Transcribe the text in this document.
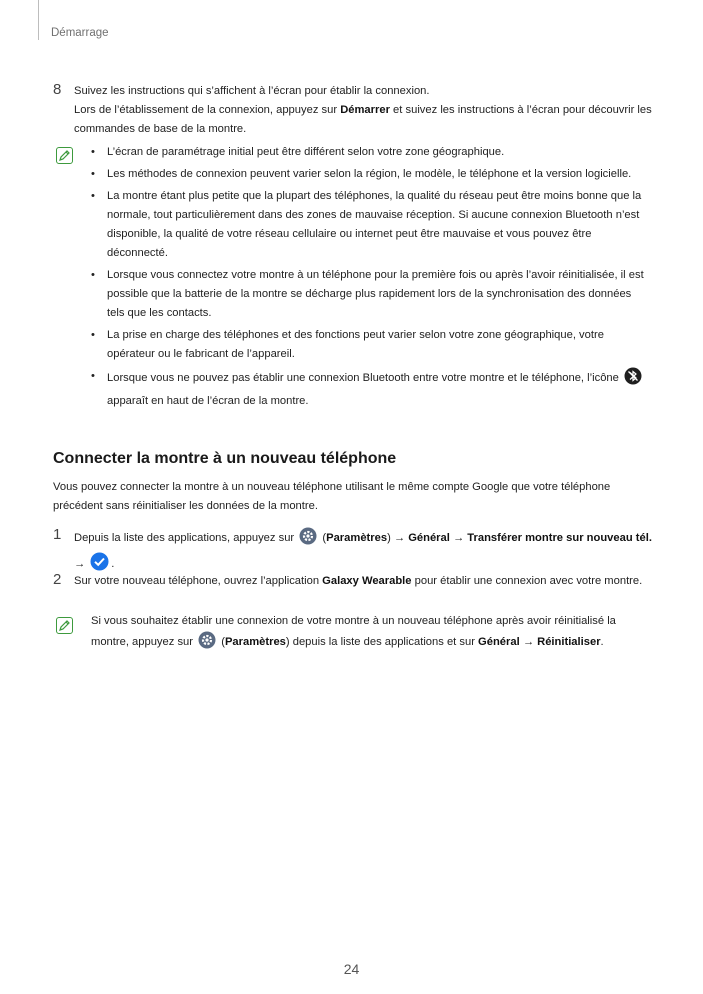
Démarrage
8 Suivez les instructions qui s’affichent à l’écran pour établir la connexion.
Lors de l’établissement de la connexion, appuyez sur Démarrer et suivez les instructions à l’écran pour découvrir les commandes de base de la montre.
• L’écran de paramétrage initial peut être différent selon votre zone géographique.
• Les méthodes de connexion peuvent varier selon la région, le modèle, le téléphone et la version logicielle.
• La montre étant plus petite que la plupart des téléphones, la qualité du réseau peut être moins bonne que la normale, tout particulièrement dans des zones de mauvaise réception. Si aucune connexion Bluetooth n’est disponible, la qualité de votre réseau cellulaire ou internet peut être mauvaise et vous pouvez être déconnecté.
• Lorsque vous connectez votre montre à un téléphone pour la première fois ou après l’avoir réinitialisée, il est possible que la batterie de la montre se décharge plus rapidement lors de la synchronisation des données tels que les contacts.
• La prise en charge des téléphones et des fonctions peut varier selon votre zone géographique, votre opérateur ou le fabricant de l’appareil.
• Lorsque vous ne pouvez pas établir une connexion Bluetooth entre votre montre et le téléphone, l’icône  apparaît en haut de l’écran de la montre.
Connecter la montre à un nouveau téléphone
Vous pouvez connecter la montre à un nouveau téléphone utilisant le même compte Google que votre téléphone précédent sans réinitialiser les données de la montre.
1 Depuis la liste des applications, appuyez sur  (Paramètres) → Général → Transférer montre sur nouveau tél. → .
2 Sur votre nouveau téléphone, ouvrez l’application Galaxy Wearable pour établir une connexion avec votre montre.
Si vous souhaitez établir une connexion de votre montre à un nouveau téléphone après avoir réinitialisé la montre, appuyez sur  (Paramètres) depuis la liste des applications et sur Général → Réinitialiser.
24
